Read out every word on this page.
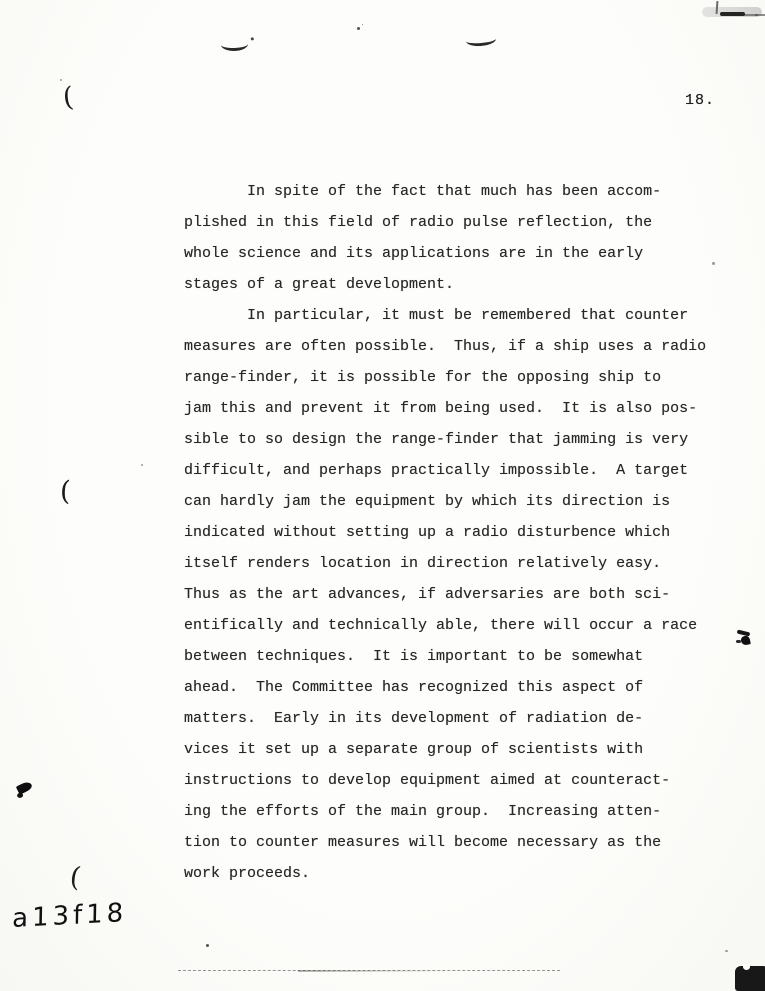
18.
In spite of the fact that much has been accom-
plished in this field of radio pulse reflection, the
whole science and its applications are in the early
stages of a great development.
In particular, it must be remembered that counter
measures are often possible.  Thus, if a ship uses a radio
range-finder, it is possible for the opposing ship to
jam this and prevent it from being used.  It is also pos-
sible to so design the range-finder that jamming is very
difficult, and perhaps practically impossible.  A target
can hardly jam the equipment by which its direction is
indicated without setting up a radio disturbence which
itself renders location in direction relatively easy.
Thus as the art advances, if adversaries are both sci-
entifically and technically able, there will occur a race
between techniques.  It is important to be somewhat
ahead.  The Committee has recognized this aspect of
matters.  Early in its development of radiation de-
vices it set up a separate group of scientists with
instructions to develop equipment aimed at counteract-
ing the efforts of the main group.  Increasing atten-
tion to counter measures will become necessary as the
work proceeds.
(
(
(
a13f18
